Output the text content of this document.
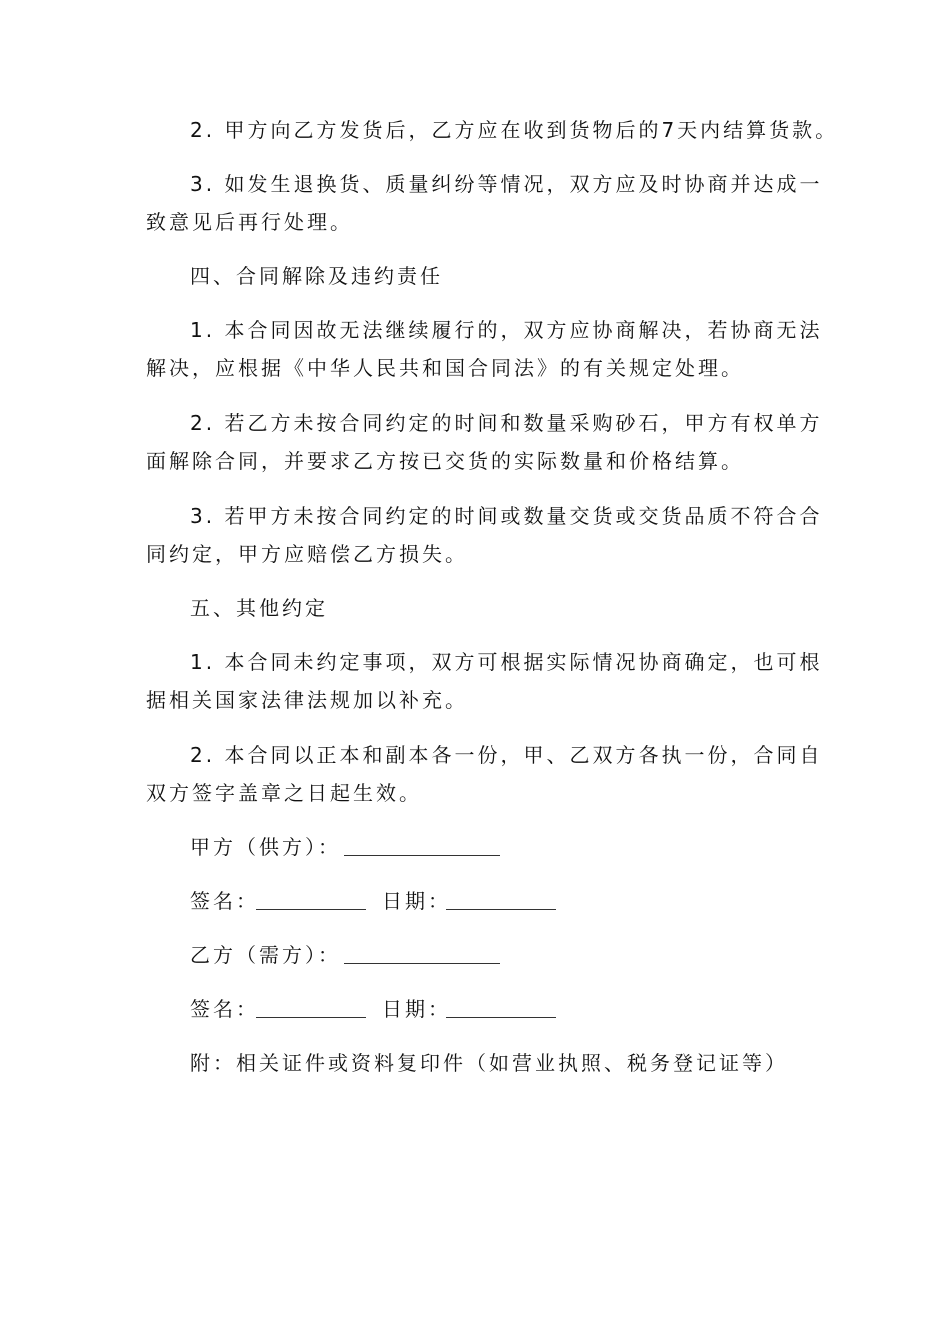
2. 甲方向乙方发货后，乙方应在收到货物后的7天内结算货款。
3. 如发生退换货、质量纠纷等情况，双方应及时协商并达成一
致意见后再行处理。
四、合同解除及违约责任
1. 本合同因故无法继续履行的，双方应协商解决，若协商无法
解决，应根据《中华人民共和国合同法》的有关规定处理。
2. 若乙方未按合同约定的时间和数量采购砂石，甲方有权单方
面解除合同，并要求乙方按已交货的实际数量和价格结算。
3. 若甲方未按合同约定的时间或数量交货或交货品质不符合合
同约定，甲方应赔偿乙方损失。
五、其他约定
1. 本合同未约定事项，双方可根据实际情况协商确定，也可根
据相关国家法律法规加以补充。
2. 本合同以正本和副本各一份，甲、乙双方各执一份，合同自
双方签字盖章之日起生效。
甲方（供方）：
签名：	日期：
乙方（需方）：
签名：	日期：
附：相关证件或资料复印件（如营业执照、税务登记证等）
